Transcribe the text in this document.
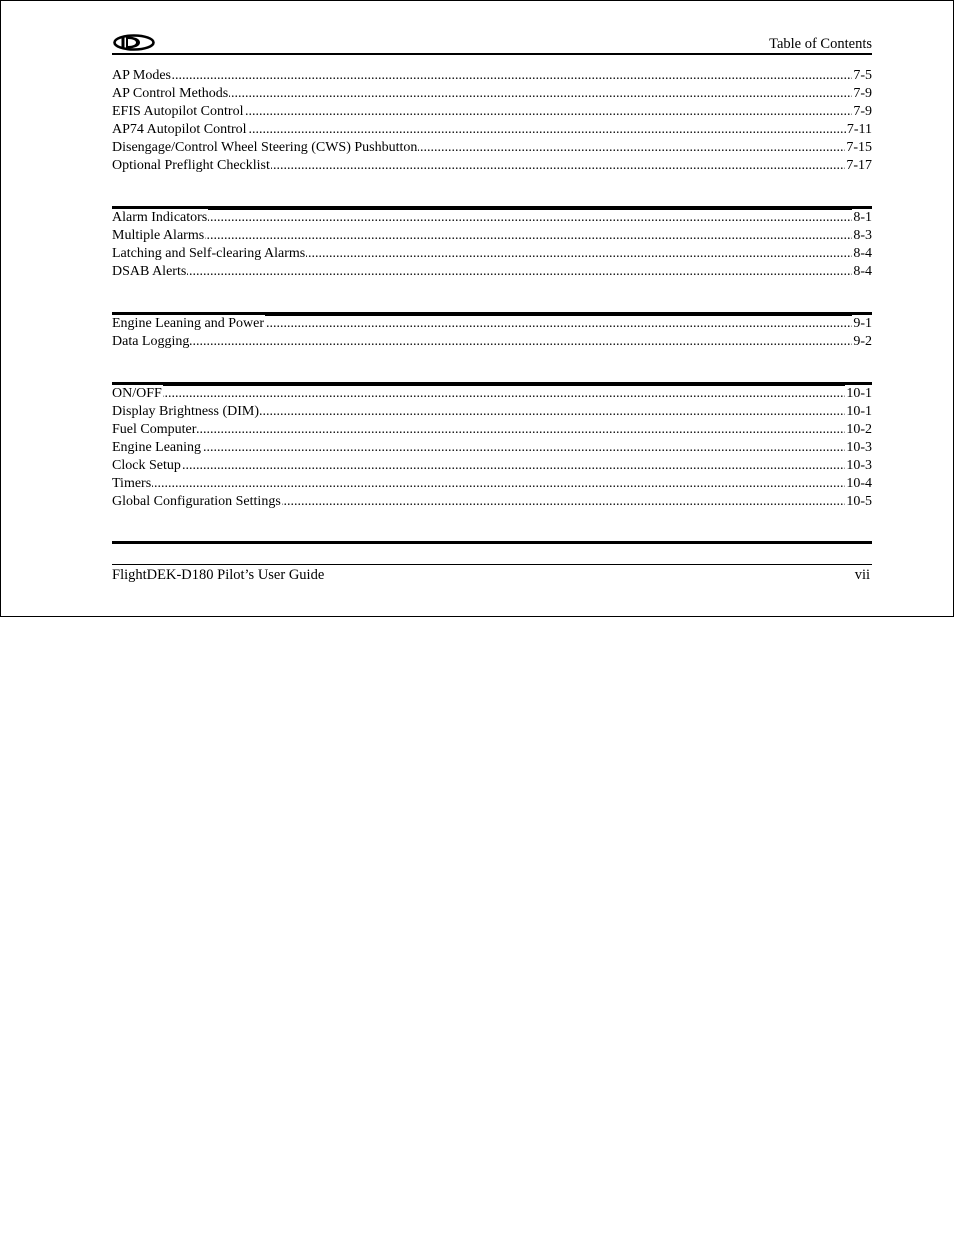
Table of Contents
.....
AP Modes	7-5
.....
AP Control Methods	7-9
.....
EFIS Autopilot Control	7-9
.....
AP74 Autopilot Control	7-11
.....
Disengage/Control Wheel Steering (CWS) Pushbutton	7-15
.....
Optional Preflight Checklist	7-17
.....
Alarm Indicators	8-1
.....
Multiple Alarms	8-3
.....
Latching and Self-clearing Alarms	8-4
.....
DSAB Alerts	8-4
.....
Engine Leaning and Power	9-1
.....
Data Logging	9-2
.....
ON/OFF	10-1
.....
Display Brightness (DIM)	10-1
.....
Fuel Computer	10-2
.....
Engine Leaning	10-3
.....
Clock Setup	10-3
.....
Timers	10-4
.....
Global Configuration Settings	10-5
FlightDEK-D180 Pilot’s User Guide	vii
